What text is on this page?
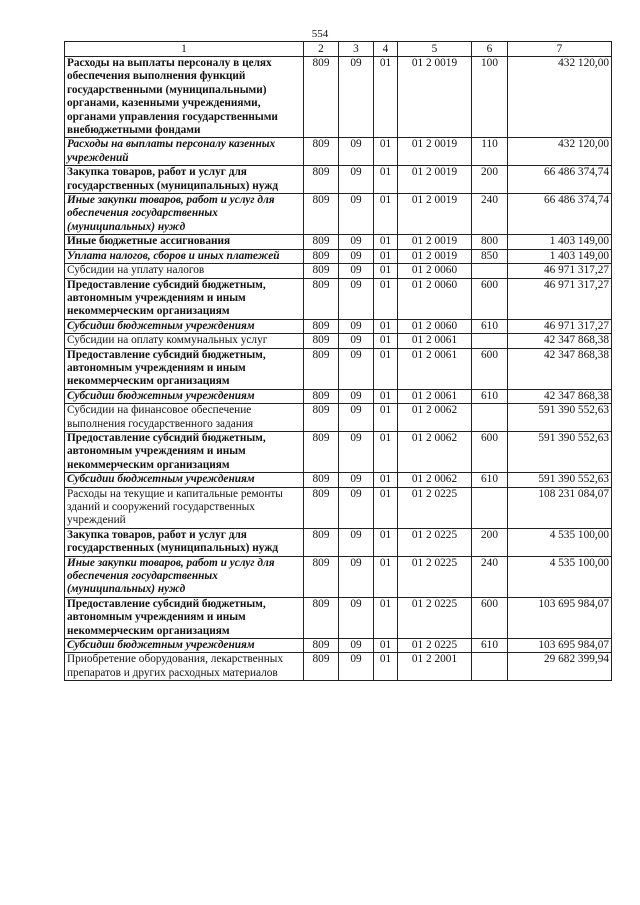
554
1	2	3	4	5	6	7
Расходы на выплаты персоналу в целях обеспечения выполнения функций государственными (муниципальными) органами, казенными учреждениями, органами управления государственными внебюджетными фондами	809	09	01	01 2 0019	100	432 120,00
Расходы на выплаты персоналу казенных учреждений	809	09	01	01 2 0019	110	432 120,00
Закупка товаров, работ и услуг для государственных (муниципальных) нужд	809	09	01	01 2 0019	200	66 486 374,74
Иные закупки товаров, работ и услуг для обеспечения государственных (муниципальных) нужд	809	09	01	01 2 0019	240	66 486 374,74
Иные бюджетные ассигнования	809	09	01	01 2 0019	800	1 403 149,00
Уплата налогов, сборов и иных платежей	809	09	01	01 2 0019	850	1 403 149,00
Субсидии на уплату налогов	809	09	01	01 2 0060		46 971 317,27
Предоставление субсидий бюджетным, автономным учреждениям и иным некоммерческим организациям	809	09	01	01 2 0060	600	46 971 317,27
Субсидии бюджетным учреждениям	809	09	01	01 2 0060	610	46 971 317,27
Субсидии на оплату коммунальных услуг	809	09	01	01 2 0061		42 347 868,38
Предоставление субсидий бюджетным, автономным учреждениям и иным некоммерческим организациям	809	09	01	01 2 0061	600	42 347 868,38
Субсидии бюджетным учреждениям	809	09	01	01 2 0061	610	42 347 868,38
Субсидии на финансовое обеспечение выполнения государственного задания	809	09	01	01 2 0062		591 390 552,63
Предоставление субсидий бюджетным, автономным учреждениям и иным некоммерческим организациям	809	09	01	01 2 0062	600	591 390 552,63
Субсидии бюджетным учреждениям	809	09	01	01 2 0062	610	591 390 552,63
Расходы на текущие и капитальные ремонты зданий и сооружений государственных учреждений	809	09	01	01 2 0225		108 231 084,07
Закупка товаров, работ и услуг для государственных (муниципальных) нужд	809	09	01	01 2 0225	200	4 535 100,00
Иные закупки товаров, работ и услуг для обеспечения государственных (муниципальных) нужд	809	09	01	01 2 0225	240	4 535 100,00
Предоставление субсидий бюджетным, автономным учреждениям и иным некоммерческим организациям	809	09	01	01 2 0225	600	103 695 984,07
Субсидии бюджетным учреждениям	809	09	01	01 2 0225	610	103 695 984,07
Приобретение оборудования, лекарственных препаратов и других расходных материалов	809	09	01	01 2 2001		29 682 399,94
